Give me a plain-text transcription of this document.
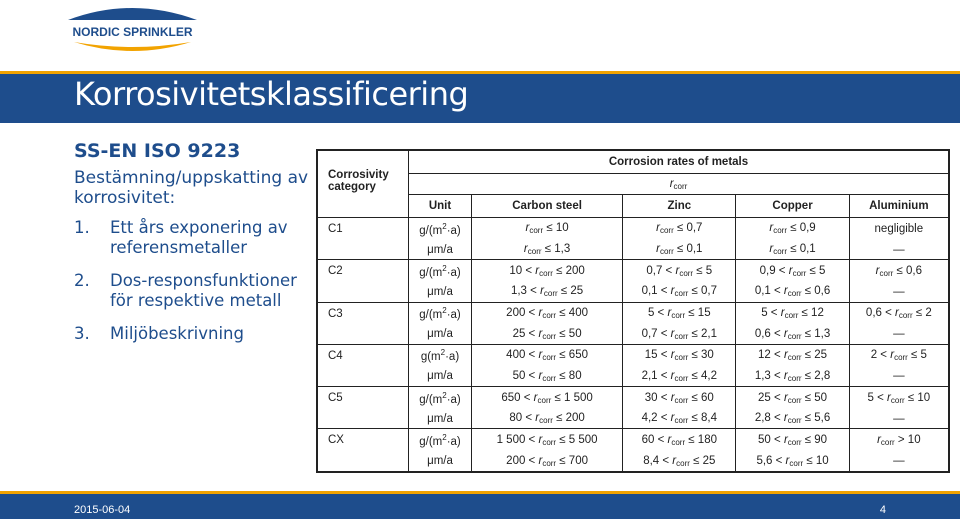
NORDIC SPRINKLER
Korrosivitetsklassificering
SS-EN ISO 9223
Bestämning/uppskatting av korrosivitet:
1.	Ett års exponering av referensmetaller
2.	Dos-responsfunktioner för respektive metall
3.	Miljöbeskrivning
Corrosivity category	Corrosion rates of metals				
	$r_{corr}$
	Unit	Carbon steel	Zinc	Copper	Aluminium
C1	$g/(m^2\cdot a)$	$r_{corr} \le 10$	$r_{corr} \le 0,7$	$r_{corr} \le 0,9$	negligible
	μm/a	$r_{corr} \le 1,3$	$r_{corr} \le 0,1$	$r_{corr} \le 0,1$	—
C2	$g/(m^2\cdot a)$	$10 < r_{corr} \le 200$	$0,7 < r_{corr} \le 5$	$0,9 < r_{corr} \le 5$	$r_{corr} \le 0,6$
	μm/a	$1,3 < r_{corr} \le 25$	$0,1 < r_{corr} \le 0,7$	$0,1 < r_{corr} \le 0,6$	—
C3	$g/(m^2\cdot a)$	$200 < r_{corr} \le 400$	$5 < r_{corr} \le 15$	$5 < r_{corr} \le 12$	$0,6 < r_{corr} \le 2$
	μm/a	$25 < r_{corr} \le 50$	$0,7 < r_{corr} \le 2,1$	$0,6 < r_{corr} \le 1,3$	—
C4	$g(m^2\cdot a)$	$400 < r_{corr} \le 650$	$15 < r_{corr} \le 30$	$12 < r_{corr} \le 25$	$2 < r_{corr} \le 5$
	μm/a	$50 < r_{corr} \le 80$	$2,1 < r_{corr} \le 4,2$	$1,3 < r_{corr} \le 2,8$	—
C5	$g/(m^2\cdot a)$	$650 < r_{corr} \le 1$ 500	$30 < r_{corr} \le 60$	$25 < r_{corr} \le 50$	$5 < r_{corr} \le 10$
	μm/a	$80 < r_{corr} \le 200$	$4,2 < r_{corr} \le 8,4$	$2,8 < r_{corr} \le 5,6$	—
CX	$g/(m^2\cdot a)$	1 $500 < r_{corr} \le 5$ 500	$60 < r_{corr} \le 180$	$50 < r_{corr} \le 90$	$r_{corr} > 10$
	μm/a	$200 < r_{corr} \le 700$	$8,4 < r_{corr} \le 25$	$5,6 < r_{corr} \le 10$	—
2015-06-04	4
